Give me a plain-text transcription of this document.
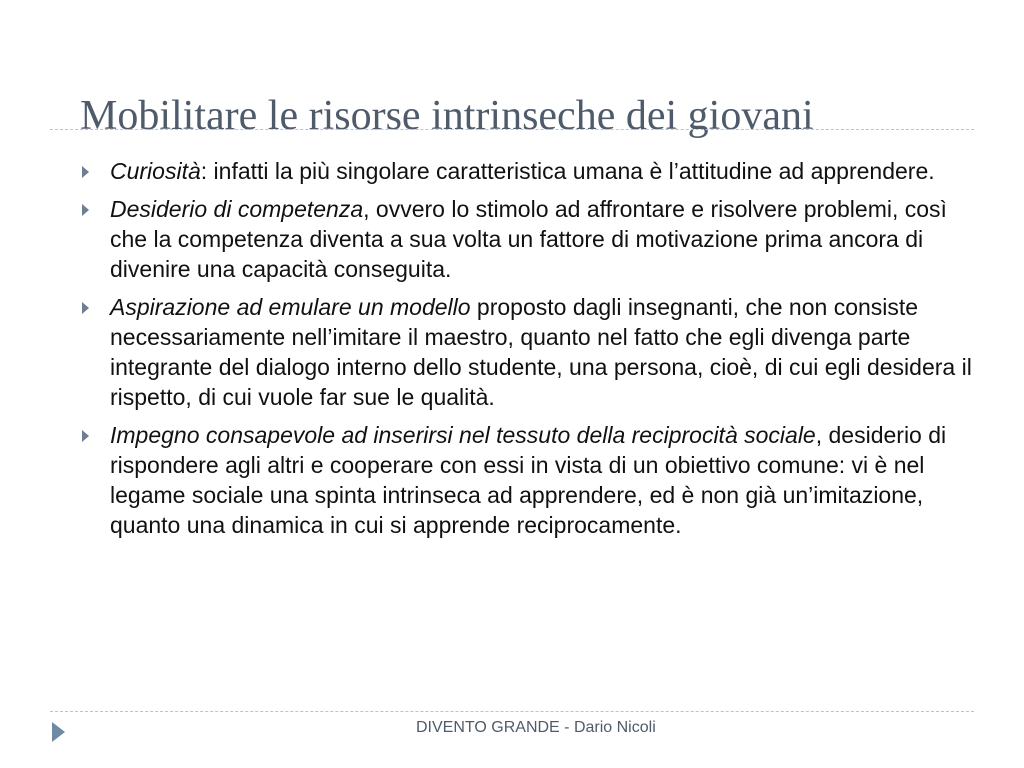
Mobilitare le risorse intrinseche dei giovani
Curiosità: infatti la più singolare caratteristica umana è l’attitudine ad apprendere.
Desiderio di competenza, ovvero lo stimolo ad affrontare e risolvere problemi, così che la competenza diventa a sua volta un fattore di motivazione prima ancora di divenire una capacità conseguita.
Aspirazione ad emulare un modello proposto dagli insegnanti, che non consiste necessariamente nell’imitare il maestro, quanto nel fatto che egli divenga parte integrante del dialogo interno dello studente, una persona, cioè, di cui egli desidera il rispetto, di cui vuole far sue le qualità.
Impegno consapevole ad inserirsi nel tessuto della reciprocità sociale, desiderio di rispondere agli altri e cooperare con essi in vista di un obiettivo comune: vi è nel legame sociale una spinta intrinseca ad apprendere, ed è non già un’imitazione, quanto una dinamica in cui si apprende reciprocamente.
DIVENTO GRANDE - Dario Nicoli
